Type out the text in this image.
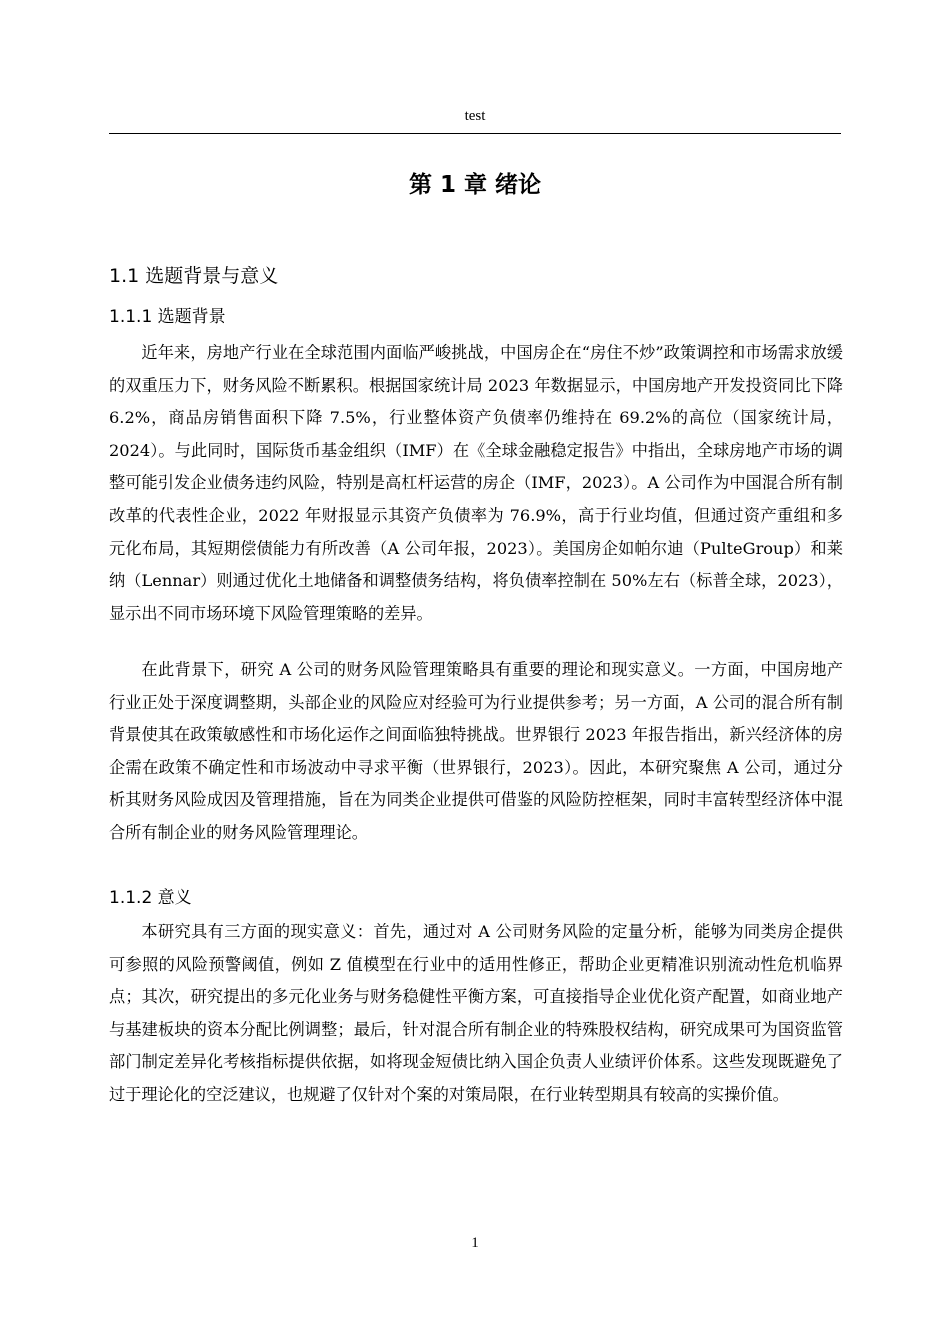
test
第 1 章 绪论
1.1 选题背景与意义
1.1.1 选题背景

近年来，房地产行业在全球范围内面临严峻挑战，中国房企在“房住不炒”政策调控和市场需求放缓的双重压力下，财务风险不断累积。根据国家统计局 2023 年数据显示，中国房地产开发投资同比下降 6.2%，商品房销售面积下降 7.5%，行业整体资产负债率仍维持在 69.2%的高位（国家统计局，2024）。与此同时，国际货币基金组织（IMF）在《全球金融稳定报告》中指出，全球房地产市场的调整可能引发企业债务违约风险，特别是高杠杆运营的房企（IMF，2023）。A 公司作为中国混合所有制改革的代表性企业，2022 年财报显示其资产负债率为 76.9%，高于行业均值，但通过资产重组和多元化布局，其短期偿债能力有所改善（A 公司年报，2023）。美国房企如帕尔迪（PulteGroup）和莱纳（Lennar）则通过优化土地储备和调整债务结构，将负债率控制在 50%左右（标普全球，2023），显示出不同市场环境下风险管理策略的差异。

在此背景下，研究 A 公司的财务风险管理策略具有重要的理论和现实意义。一方面，中国房地产行业正处于深度调整期，头部企业的风险应对经验可为行业提供参考；另一方面，A 公司的混合所有制背景使其在政策敏感性和市场化运作之间面临独特挑战。世界银行 2023 年报告指出，新兴经济体的房企需在政策不确定性和市场波动中寻求平衡（世界银行，2023）。因此，本研究聚焦 A 公司，通过分析其财务风险成因及管理措施，旨在为同类企业提供可借鉴的风险防控框架，同时丰富转型经济体中混合所有制企业的财务风险管理理论。

1.1.2 意义

本研究具有三方面的现实意义：首先，通过对 A 公司财务风险的定量分析，能够为同类房企提供可参照的风险预警阈值，例如 Z 值模型在行业中的适用性修正，帮助企业更精准识别流动性危机临界点；其次，研究提出的多元化业务与财务稳健性平衡方案，可直接指导企业优化资产配置，如商业地产与基建板块的资本分配比例调整；最后，针对混合所有制企业的特殊股权结构，研究成果可为国资监管部门制定差异化考核指标提供依据，如将现金短债比纳入国企负责人业绩评价体系。这些发现既避免了过于理论化的空泛建议，也规避了仅针对个案的对策局限，在行业转型期具有较高的实操价值。

1
